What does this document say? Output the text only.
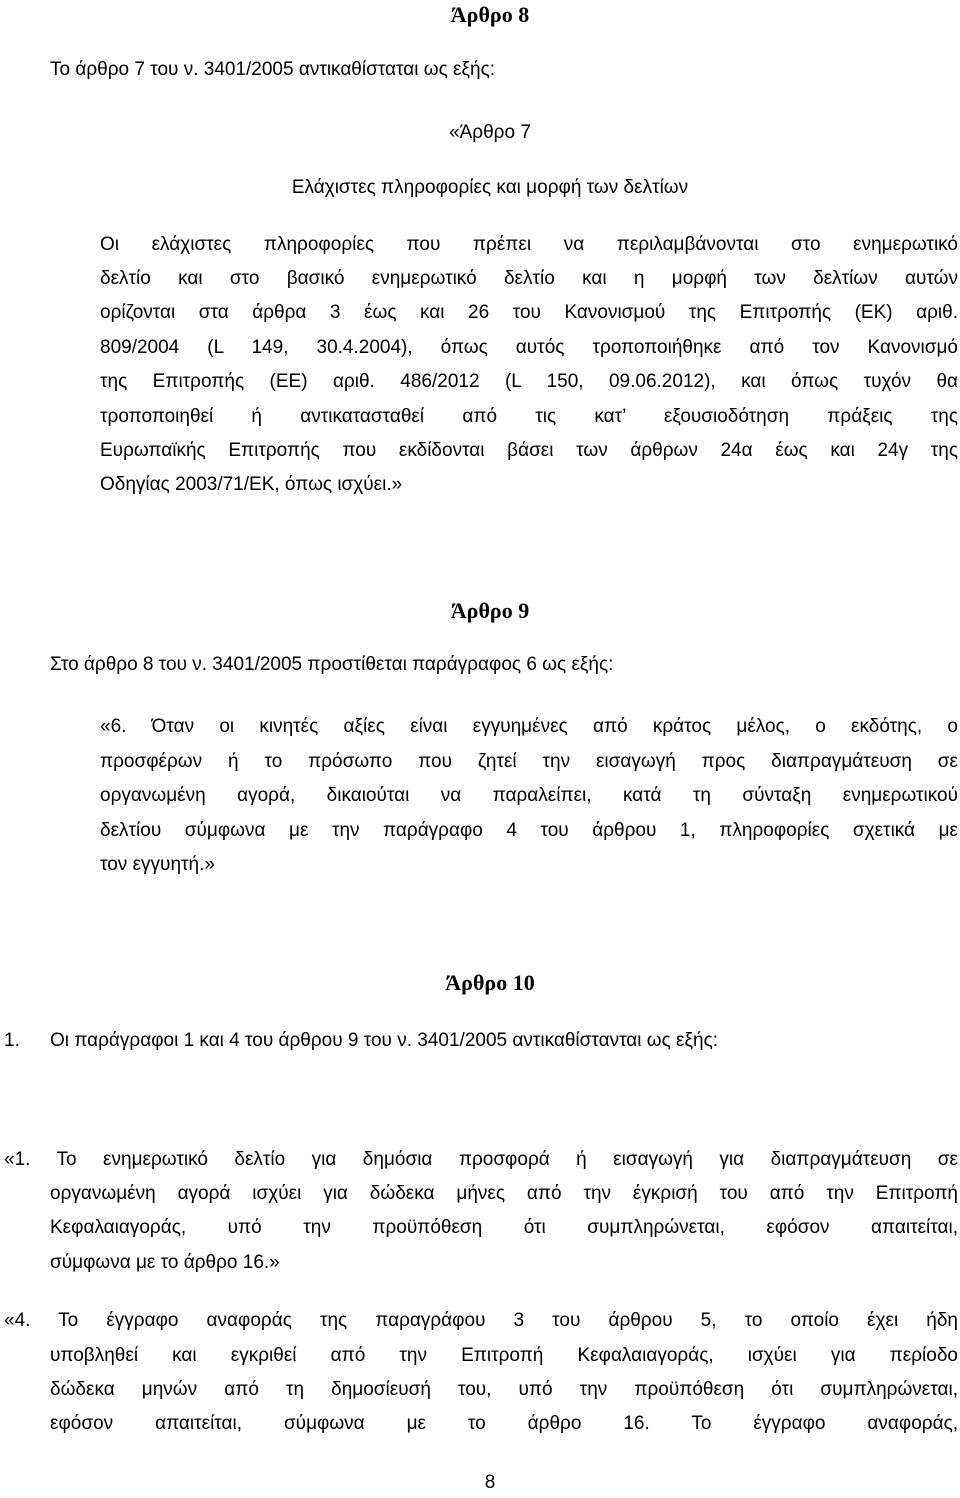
Άρθρο 8
Το άρθρο 7 του ν. 3401/2005 αντικαθίσταται ως εξής:
«Άρθρο 7
Ελάχιστες πληροφορίες και μορφή των δελτίων
Οι ελάχιστες πληροφορίες που πρέπει να περιλαμβάνονται στο ενημερωτικό
δελτίο και στο βασικό ενημερωτικό δελτίο και η μορφή των δελτίων αυτών
ορίζονται στα άρθρα 3 έως και 26 του Κανονισμού της Επιτροπής (ΕΚ) αριθ.
809/2004 (L 149, 30.4.2004), όπως αυτός τροποποιήθηκε από τον Κανονισμό
της Επιτροπής (ΕΕ) αριθ. 486/2012 (L 150, 09.06.2012), και όπως τυχόν θα
τροποποιηθεί ή αντικατασταθεί από τις κατ’ εξουσιοδότηση πράξεις της
Ευρωπαϊκής Επιτροπής που εκδίδονται βάσει των άρθρων 24α έως και 24γ της
Οδηγίας 2003/71/ΕΚ, όπως ισχύει.»
Άρθρο 9
Στο άρθρο 8 του ν. 3401/2005 προστίθεται παράγραφος 6 ως εξής:
«6. Όταν οι κινητές αξίες είναι εγγυημένες από κράτος μέλος, ο εκδότης, ο
προσφέρων ή το πρόσωπο που ζητεί την εισαγωγή προς διαπραγμάτευση σε
οργανωμένη αγορά, δικαιούται να παραλείπει, κατά τη σύνταξη ενημερωτικού
δελτίου σύμφωνα με την παράγραφο 4 του άρθρου 1, πληροφορίες σχετικά με
τον εγγυητή.»
Άρθρο 10
1. Οι παράγραφοι 1 και 4 του άρθρου 9 του ν. 3401/2005 αντικαθίστανται ως εξής:
«1. Το ενημερωτικό δελτίο για δημόσια προσφορά ή εισαγωγή για διαπραγμάτευση σε
οργανωμένη αγορά ισχύει για δώδεκα μήνες από την έγκρισή του από την Επιτροπή
Κεφαλαιαγοράς, υπό την προϋπόθεση ότι συμπληρώνεται, εφόσον απαιτείται,
σύμφωνα με το άρθρο 16.»
«4. Το έγγραφο αναφοράς της παραγράφου 3 του άρθρου 5, το οποίο έχει ήδη
υποβληθεί και εγκριθεί από την Επιτροπή Κεφαλαιαγοράς, ισχύει για περίοδο
δώδεκα μηνών από τη δημοσίευσή του, υπό την προϋπόθεση ότι συμπληρώνεται,
εφόσον απαιτείται, σύμφωνα με το άρθρο 16. Το έγγραφο αναφοράς,
8
